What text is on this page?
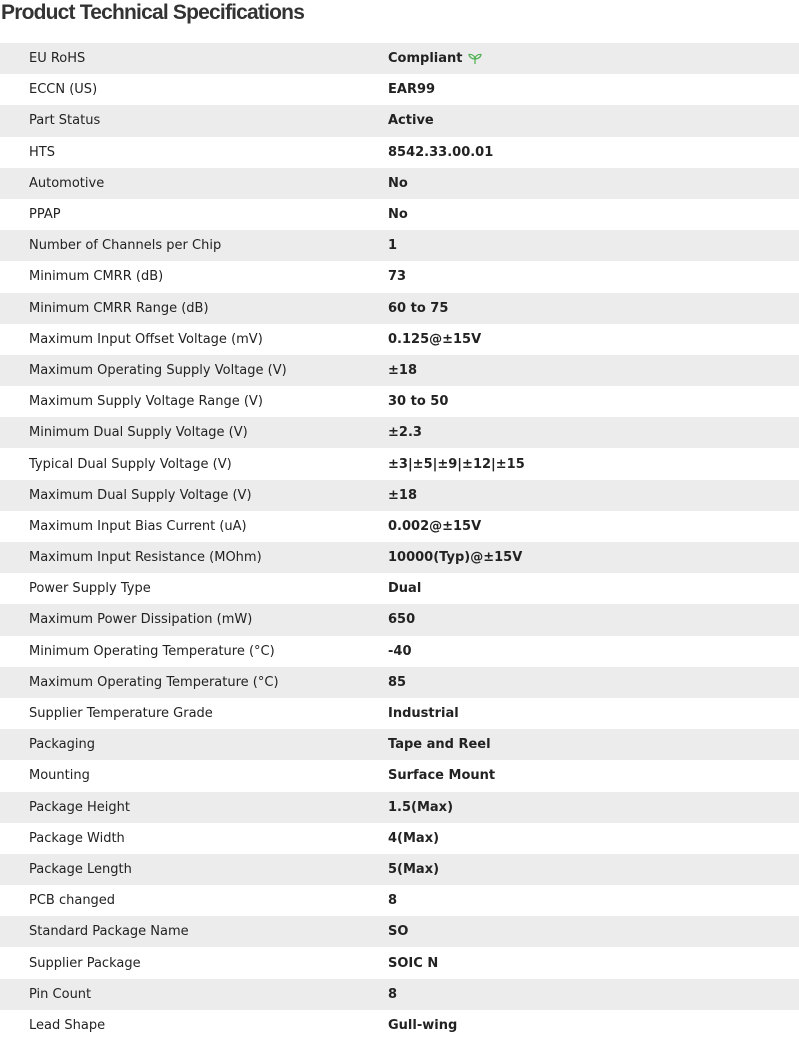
Product Technical Specifications
EU RoHS	Compliant
ECCN (US)	EAR99
Part Status	Active
HTS	8542.33.00.01
Automotive	No
PPAP	No
Number of Channels per Chip	1
Minimum CMRR (dB)	73
Minimum CMRR Range (dB)	60 to 75
Maximum Input Offset Voltage (mV)	0.125@±15V
Maximum Operating Supply Voltage (V)	±18
Maximum Supply Voltage Range (V)	30 to 50
Minimum Dual Supply Voltage (V)	±2.3
Typical Dual Supply Voltage (V)	±3|±5|±9|±12|±15
Maximum Dual Supply Voltage (V)	±18
Maximum Input Bias Current (uA)	0.002@±15V
Maximum Input Resistance (MOhm)	10000(Typ)@±15V
Power Supply Type	Dual
Maximum Power Dissipation (mW)	650
Minimum Operating Temperature (°C)	-40
Maximum Operating Temperature (°C)	85
Supplier Temperature Grade	Industrial
Packaging	Tape and Reel
Mounting	Surface Mount
Package Height	1.5(Max)
Package Width	4(Max)
Package Length	5(Max)
PCB changed	8
Standard Package Name	SO
Supplier Package	SOIC N
Pin Count	8
Lead Shape	Gull-wing
